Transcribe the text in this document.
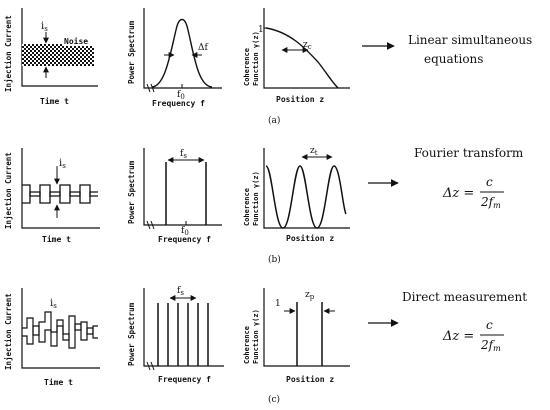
Injection Current	Noise
$i_s$
Time t
Power Spectrum	Δf
$f_0$
Frequency f
Coherence Function γ(z)
1
$z_c$
Position z
Linear simultaneous
equations
(a)
Injection Current	$i_s$
Time t
Power Spectrum
$f_s$
$f_0$
Frequency f
Coherence Function γ(z)
$z_t$
Position z
Fourier transform
Δz =
c
2fm
(b)
Injection Current	$i_s$
Time t
Power Spectrum
$f_s$
Frequency f
Coherence Function γ(z)
1
$z_p$
Position z
Direct measurement
Δz =
c
2fm
(c)
